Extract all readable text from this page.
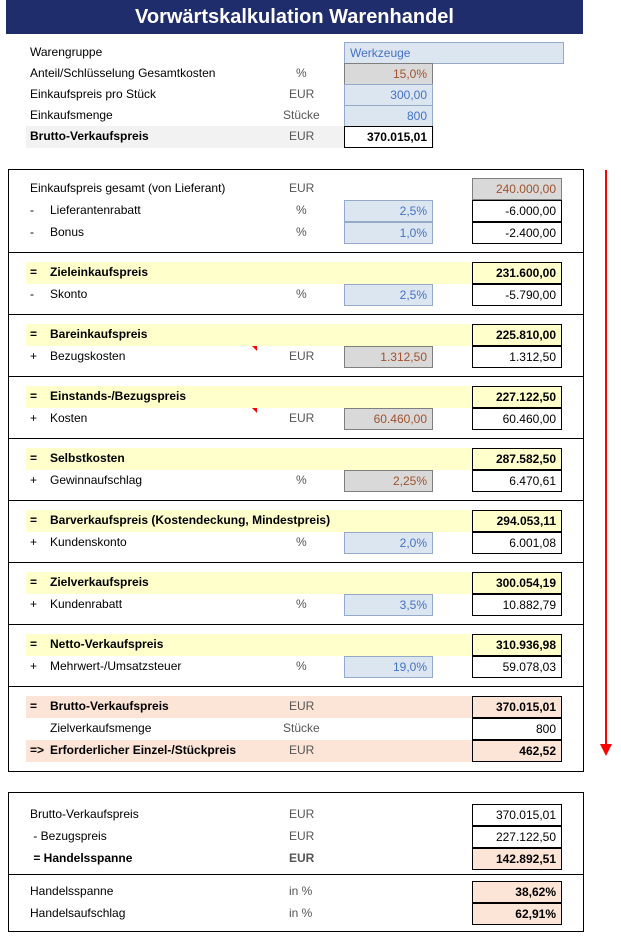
Vorwärtskalkulation Warenhandel
Warengruppe	Werkzeuge
Anteil/Schlüsselung Gesamtkosten	%	15,0%
Einkaufspreis pro Stück	EUR	300,00
Einkaufsmenge	Stücke	800
Brutto-Verkaufspreis	EUR	370.015,01
Einkaufspreis gesamt (von Lieferant)	EUR	240.000,00
- Lieferantenrabatt	%	2,5%	-6.000,00
- Bonus	%	1,0%	-2.400,00
= Zieleinkaufspreis	231.600,00
- Skonto	%	2,5%	-5.790,00
= Bareinkaufspreis	225.810,00
+ Bezugskosten	EUR	1.312,50	1.312,50
= Einstands-/Bezugspreis	227.122,50
+ Kosten	EUR	60.460,00	60.460,00
= Selbstkosten	287.582,50
+ Gewinnaufschlag	%	2,25%	6.470,61
= Barverkaufspreis (Kostendeckung, Mindestpreis)	294.053,11
+ Kundenskonto	%	2,0%	6.001,08
= Zielverkaufspreis	300.054,19
+ Kundenrabatt	%	3,5%	10.882,79
= Netto-Verkaufspreis	310.936,98
+ Mehrwert-/Umsatzsteuer	%	19,0%	59.078,03
= Brutto-Verkaufspreis	EUR	370.015,01
Zielverkaufsmenge	Stücke	800
=> Erforderlicher Einzel-/Stückpreis	EUR	462,52
Brutto-Verkaufspreis	EUR	370.015,01
- Bezugspreis	EUR	227.122,50
= Handelsspanne	EUR	142.892,51
Handelsspanne	in %	38,62%
Handelsaufschlag	in %	62,91%
